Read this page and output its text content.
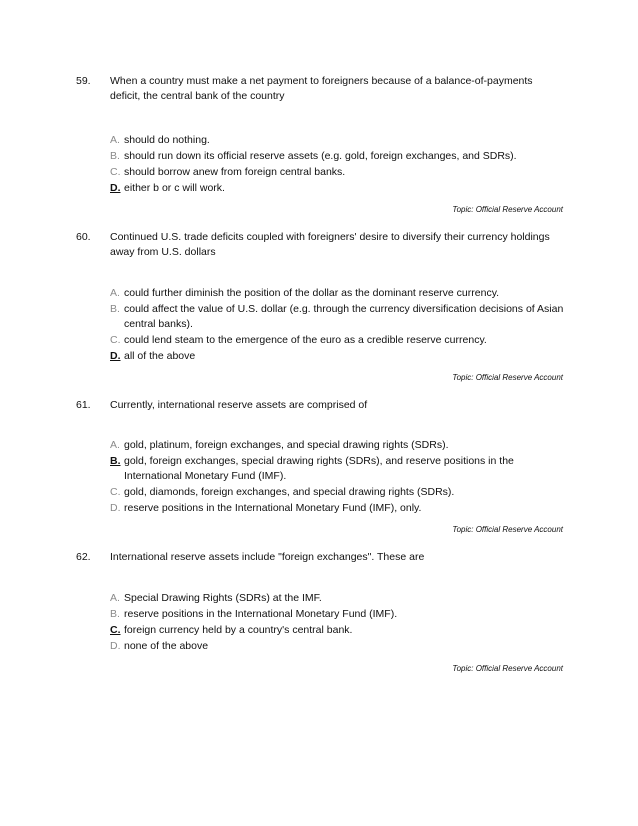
59. When a country must make a net payment to foreigners because of a balance-of-payments deficit, the central bank of the country
A. should do nothing.
B. should run down its official reserve assets (e.g. gold, foreign exchanges, and SDRs).
C. should borrow anew from foreign central banks.
D. either b or c will work.
Topic: Official Reserve Account
60. Continued U.S. trade deficits coupled with foreigners' desire to diversify their currency holdings away from U.S. dollars
A. could further diminish the position of the dollar as the dominant reserve currency.
B. could affect the value of U.S. dollar (e.g. through the currency diversification decisions of Asian central banks).
C. could lend steam to the emergence of the euro as a credible reserve currency.
D. all of the above
Topic: Official Reserve Account
61. Currently, international reserve assets are comprised of
A. gold, platinum, foreign exchanges, and special drawing rights (SDRs).
B. gold, foreign exchanges, special drawing rights (SDRs), and reserve positions in the International Monetary Fund (IMF).
C. gold, diamonds, foreign exchanges, and special drawing rights (SDRs).
D. reserve positions in the International Monetary Fund (IMF), only.
Topic: Official Reserve Account
62. International reserve assets include "foreign exchanges". These are
A. Special Drawing Rights (SDRs) at the IMF.
B. reserve positions in the International Monetary Fund (IMF).
C. foreign currency held by a country's central bank.
D. none of the above
Topic: Official Reserve Account
